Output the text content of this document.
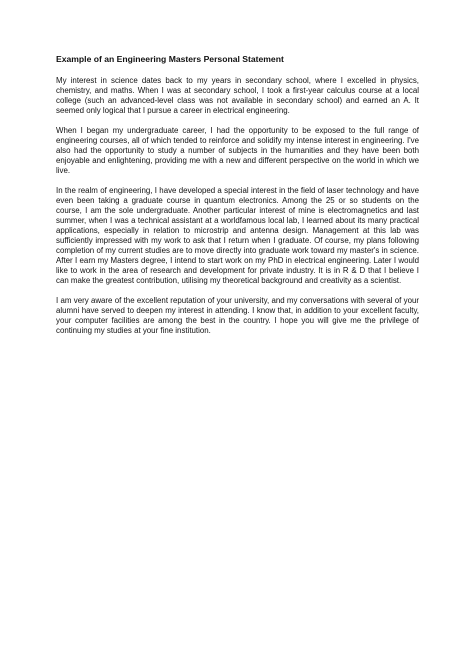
Example of an Engineering Masters Personal Statement

My interest in science dates back to my years in secondary school, where I excelled in physics, chemistry, and maths. When I was at secondary school, I took a first-year calculus course at a local college (such an advanced-level class was not available in secondary school) and earned an A. It seemed only logical that I pursue a career in electrical engineering.

When I began my undergraduate career, I had the opportunity to be exposed to the full range of engineering courses, all of which tended to reinforce and solidify my intense interest in engineering. I've also had the opportunity to study a number of subjects in the humanities and they have been both enjoyable and enlightening, providing me with a new and different perspective on the world in which we live.

In the realm of engineering, I have developed a special interest in the field of laser technology and have even been taking a graduate course in quantum electronics. Among the 25 or so students on the course, I am the sole undergraduate. Another particular interest of mine is electromagnetics and last summer, when I was a technical assistant at a worldfamous local lab, I learned about its many practical applications, especially in relation to microstrip and antenna design. Management at this lab was sufficiently impressed with my work to ask that I return when I graduate. Of course, my plans following completion of my current studies are to move directly into graduate work toward my master's in science. After I earn my Masters degree, I intend to start work on my PhD in electrical engineering. Later I would like to work in the area of research and development for private industry. It is in R & D that I believe I can make the greatest contribution, utilising my theoretical background and creativity as a scientist.

I am very aware of the excellent reputation of your university, and my conversations with several of your alumni have served to deepen my interest in attending. I know that, in addition to your excellent faculty, your computer facilities are among the best in the country. I hope you will give me the privilege of continuing my studies at your fine institution.
